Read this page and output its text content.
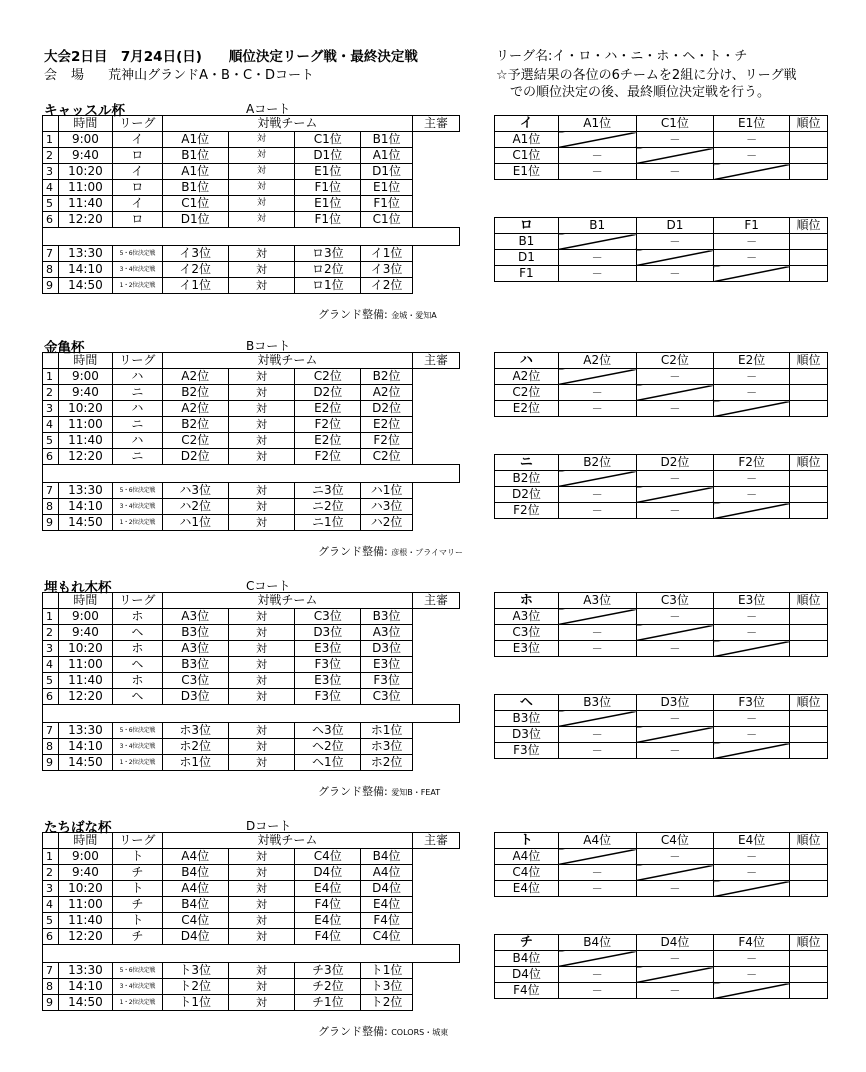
大会2日目　7月24日(日)　　順位決定リーグ戦・最終決定戦
会場 荒神山グランドA・B・C・Dコート
リーグ名:イ・ロ・ハ・ニ・ホ・ヘ・ト・チ
☆予選結果の各位の6チームを2組に分け、リーグ戦
での順位決定の後、最終順位決定戦を行う。
キャッスル杯	Aコート
	時間	リーグ	対戦チーム				主審
1	9:00	イ	A1位	対	C1位	B1位	
2	9:40	ロ	B1位	対	D1位	A1位	
3	10:20	イ	A1位	対	E1位	D1位	
4	11:00	ロ	B1位	対	F1位	E1位	
5	11:40	イ	C1位	対	E1位	F1位	
6	12:20	ロ	D1位	対	F1位	C1位	

7	13:30	5・6位決定戦	イ3位	対	ロ3位	イ1位	
8	14:10	3・4位決定戦	イ2位	対	ロ2位	イ3位	
9	14:50	1・2位決定戦	イ1位	対	ロ1位	イ2位	
グランド整備: 金城・愛知A
イ	A1位	C1位	E1位	順位
A1位		－	－	
C1位	－		－	
E1位	－	－		
ロ	B1	D1	F1	順位
B1		－	－	
D1	－		－	
F1	－	－		
金亀杯	Bコート
	時間	リーグ	対戦チーム				主審
1	9:00	ハ	A2位	対	C2位	B2位	
2	9:40	ニ	B2位	対	D2位	A2位	
3	10:20	ハ	A2位	対	E2位	D2位	
4	11:00	ニ	B2位	対	F2位	E2位	
5	11:40	ハ	C2位	対	E2位	F2位	
6	12:20	ニ	D2位	対	F2位	C2位	

7	13:30	5・6位決定戦	ハ3位	対	ニ3位	ハ1位	
8	14:10	3・4位決定戦	ハ2位	対	ニ2位	ハ3位	
9	14:50	1・2位決定戦	ハ1位	対	ニ1位	ハ2位	
グランド整備: 彦根・プライマリー
ハ	A2位	C2位	E2位	順位
A2位		－	－	
C2位	－		－	
E2位	－	－		
ニ	B2位	D2位	F2位	順位
B2位		－	－	
D2位	－		－	
F2位	－	－		
埋もれ木杯	Cコート
	時間	リーグ	対戦チーム				主審
1	9:00	ホ	A3位	対	C3位	B3位	
2	9:40	ヘ	B3位	対	D3位	A3位	
3	10:20	ホ	A3位	対	E3位	D3位	
4	11:00	ヘ	B3位	対	F3位	E3位	
5	11:40	ホ	C3位	対	E3位	F3位	
6	12:20	ヘ	D3位	対	F3位	C3位	

7	13:30	5・6位決定戦	ホ3位	対	ヘ3位	ホ1位	
8	14:10	3・4位決定戦	ホ2位	対	ヘ2位	ホ3位	
9	14:50	1・2位決定戦	ホ1位	対	ヘ1位	ホ2位	
グランド整備: 愛知B・FEAT
ホ	A3位	C3位	E3位	順位
A3位		－	－	
C3位	－		－	
E3位	－	－		
ヘ	B3位	D3位	F3位	順位
B3位		－	－	
D3位	－		－	
F3位	－	－		
たちばな杯	Dコート
	時間	リーグ	対戦チーム				主審
1	9:00	ト	A4位	対	C4位	B4位	
2	9:40	チ	B4位	対	D4位	A4位	
3	10:20	ト	A4位	対	E4位	D4位	
4	11:00	チ	B4位	対	F4位	E4位	
5	11:40	ト	C4位	対	E4位	F4位	
6	12:20	チ	D4位	対	F4位	C4位	

7	13:30	5・6位決定戦	ト3位	対	チ3位	ト1位	
8	14:10	3・4位決定戦	ト2位	対	チ2位	ト3位	
9	14:50	1・2位決定戦	ト1位	対	チ1位	ト2位	
グランド整備: COLORS・城東
ト	A4位	C4位	E4位	順位
A4位		－	－	
C4位	－		－	
E4位	－	－		
チ	B4位	D4位	F4位	順位
B4位		－	－	
D4位	－		－	
F4位	－	－		
